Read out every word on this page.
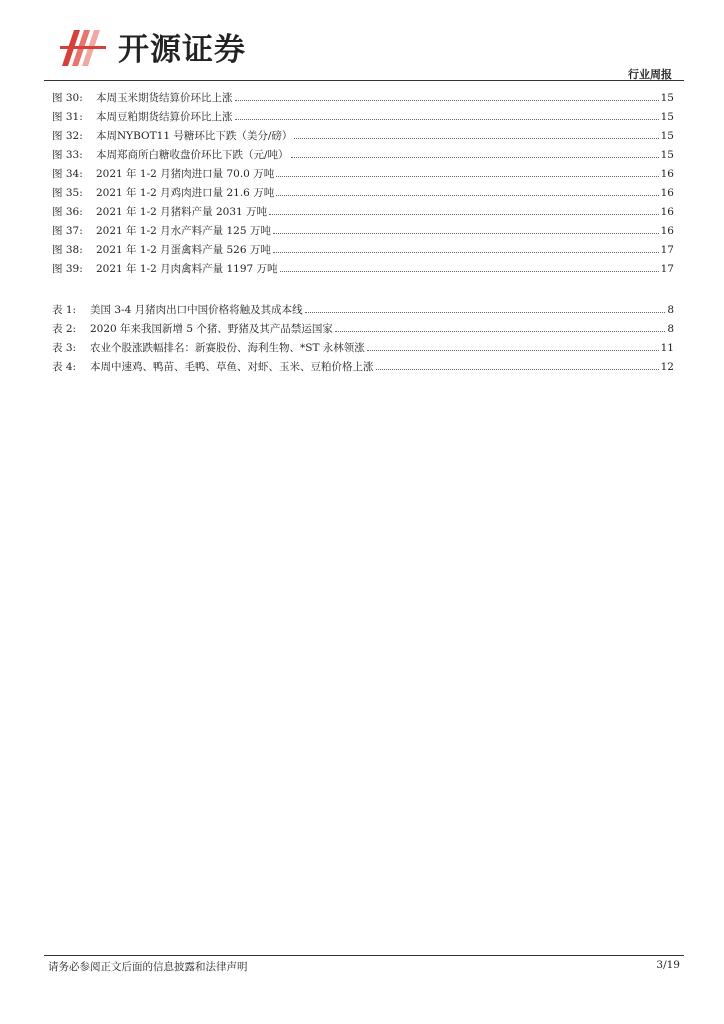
开源证券
行业周报
图 30:	本周玉米期货结算价环比上涨	15
图 31:	本周豆粕期货结算价环比上涨	15
图 32:	本周NYBOT11 号糖环比下跌（美分/磅）	15
图 33:	本周郑商所白糖收盘价环比下跌（元/吨）	15
图 34:	2021 年 1-2 月猪肉进口量 70.0 万吨	16
图 35:	2021 年 1-2 月鸡肉进口量 21.6 万吨	16
图 36:	2021 年 1-2 月猪料产量 2031 万吨	16
图 37:	2021 年 1-2 月水产料产量 125 万吨	16
图 38:	2021 年 1-2 月蛋禽料产量 526 万吨	17
图 39:	2021 年 1-2 月肉禽料产量 1197 万吨	17
表 1:	美国 3-4 月猪肉出口中国价格将触及其成本线	8
表 2:	2020 年来我国新增 5 个猪、野猪及其产品禁运国家	8
表 3:	农业个股涨跌幅排名：新赛股份、海利生物、*ST 永林领涨	11
表 4:	本周中速鸡、鸭苗、毛鸭、草鱼、对虾、玉米、豆粕价格上涨	12
请务必参阅正文后面的信息披露和法律声明	3/19
